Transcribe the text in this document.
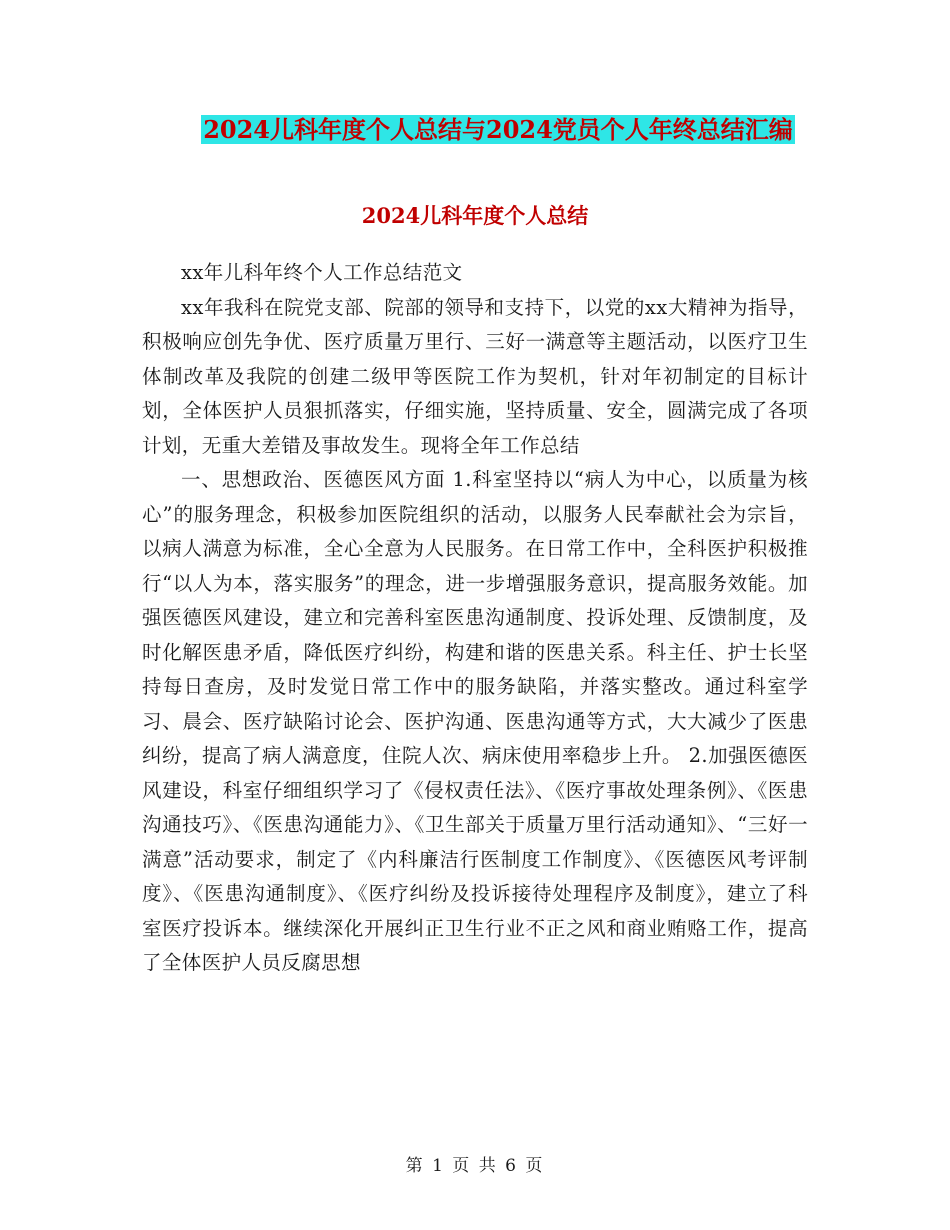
2024儿科年度个人总结与2024党员个人年终总结汇编
2024儿科年度个人总结

xx年儿科年终个人工作总结范文

xx年我科在院党支部、院部的领导和支持下，以党的xx大精神为指导，积极响应创先争优、医疗质量万里行、三好一满意等主题活动，以医疗卫生体制改革及我院的创建二级甲等医院工作为契机，针对年初制定的目标计划，全体医护人员狠抓落实，仔细实施，坚持质量、安全，圆满完成了各项计划，无重大差错及事故发生。现将全年工作总结

一、思想政治、医德医风方面 1.科室坚持以“病人为中心，以质量为核心”的服务理念，积极参加医院组织的活动，以服务人民奉献社会为宗旨，以病人满意为标准，全心全意为人民服务。在日常工作中，全科医护积极推行“以人为本，落实服务”的理念，进一步增强服务意识，提高服务效能。加强医德医风建设，建立和完善科室医患沟通制度、投诉处理、反馈制度，及时化解医患矛盾，降低医疗纠纷，构建和谐的医患关系。科主任、护士长坚持每日查房，及时发觉日常工作中的服务缺陷，并落实整改。通过科室学习、晨会、医疗缺陷讨论会、医护沟通、医患沟通等方式，大大减少了医患纠纷，提高了病人满意度，住院人次、病床使用率稳步上升。 2.加强医德医风建设，科室仔细组织学习了《侵权责任法》、《医疗事故处理条例》、《医患沟通技巧》、《医患沟通能力》、《卫生部关于质量万里行活动通知》、“三好一满意”活动要求，制定了《内科廉洁行医制度工作制度》、《医德医风考评制度》、《医患沟通制度》、《医疗纠纷及投诉接待处理程序及制度》，建立了科室医疗投诉本。继续深化开展纠正卫生行业不正之风和商业贿赂工作，提高了全体医护人员反腐思想

第 1 页 共 6 页
